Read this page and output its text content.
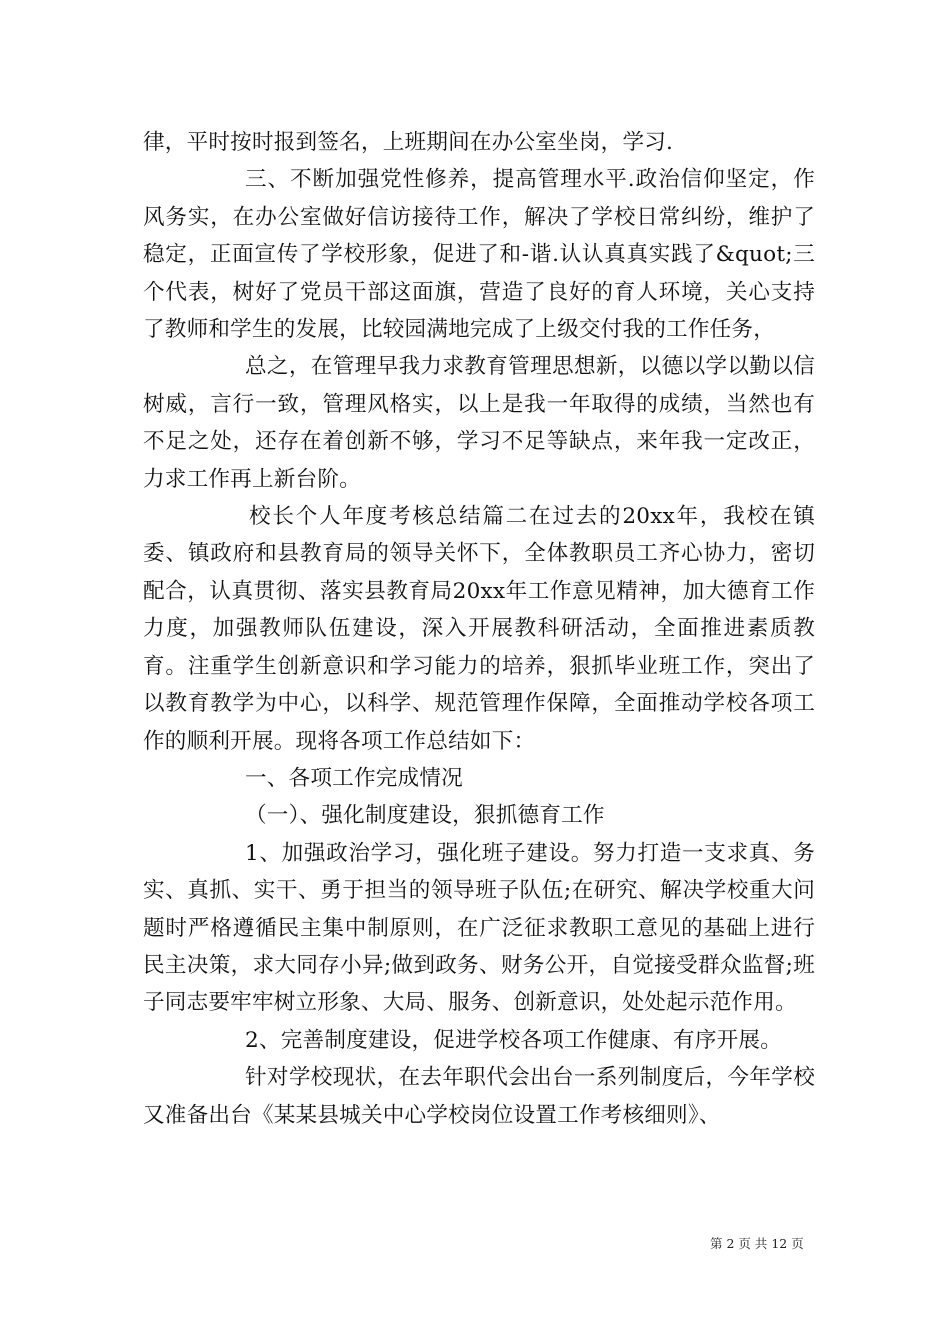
律，平时按时报到签名，上班期间在办公室坐岗，学习.

三、不断加强党性修养，提高管理水平.政治信仰坚定，作风务实，在办公室做好信访接待工作，解决了学校日常纠纷，维护了稳定，正面宣传了学校形象，促进了和-谐.认认真真实践了&quot;三个代表，树好了党员干部这面旗，营造了良好的育人环境，关心支持了教师和学生的发展，比较园满地完成了上级交付我的工作任务，

总之，在管理早我力求教育管理思想新，以德以学以勤以信树威，言行一致，管理风格实，以上是我一年取得的成绩，当然也有不足之处，还存在着创新不够，学习不足等缺点，来年我一定改正，力求工作再上新台阶。

校长个人年度考核总结篇二在过去的20xx年，我校在镇委、镇政府和县教育局的领导关怀下，全体教职员工齐心协力，密切配合，认真贯彻、落实县教育局20xx年工作意见精神，加大德育工作力度，加强教师队伍建设，深入开展教科研活动，全面推进素质教育。注重学生创新意识和学习能力的培养，狠抓毕业班工作，突出了以教育教学为中心，以科学、规范管理作保障，全面推动学校各项工作的顺利开展。现将各项工作总结如下：

一、各项工作完成情况

（一）、强化制度建设，狠抓德育工作

1、加强政治学习，强化班子建设。努力打造一支求真、务实、真抓、实干、勇于担当的领导班子队伍;在研究、解决学校重大问题时严格遵循民主集中制原则，在广泛征求教职工意见的基础上进行民主决策，求大同存小异;做到政务、财务公开，自觉接受群众监督;班子同志要牢牢树立形象、大局、服务、创新意识，处处起示范作用。

2、完善制度建设，促进学校各项工作健康、有序开展。

针对学校现状，在去年职代会出台一系列制度后，今年学校又准备出台《某某县城关中心学校岗位设置工作考核细则》、

第 2 页 共 12 页
